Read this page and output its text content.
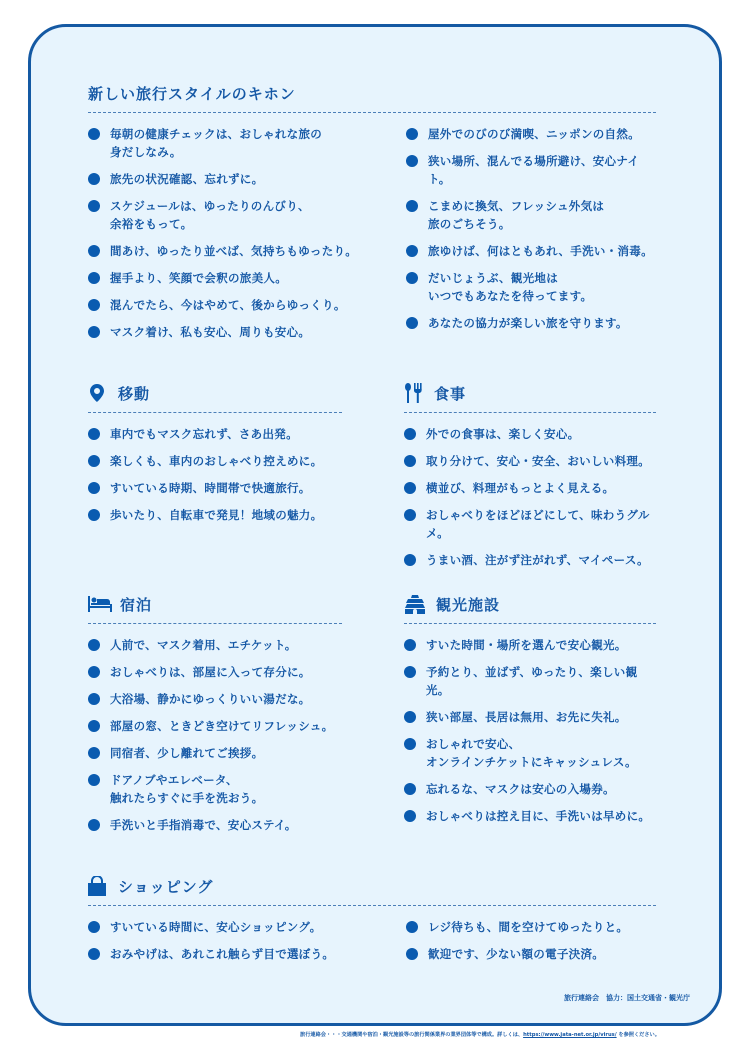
新しい旅行スタイルのキホン
毎朝の健康チェックは、おしゃれな旅の
身だしなみ。
旅先の状況確認、忘れずに。
スケジュールは、ゆったりのんびり、
余裕をもって。
間あけ、ゆったり並べば、気持ちもゆったり。
握手より、笑顔で会釈の旅美人。
混んでたら、今はやめて、後からゆっくり。
マスク着け、私も安心、周りも安心。
屋外でのびのび満喫、ニッポンの自然。
狭い場所、混んでる場所避け、安心ナイト。
こまめに換気、フレッシュ外気は
旅のごちそう。
旅ゆけば、何はともあれ、手洗い・消毒。
だいじょうぶ、観光地は
いつでもあなたを待ってます。
あなたの協力が楽しい旅を守ります。
移動
車内でもマスク忘れず、さあ出発。
楽しくも、車内のおしゃべり控えめに。
すいている時期、時間帯で快適旅行。
歩いたり、自転車で発見！地域の魅力。
食事
外での食事は、楽しく安心。
取り分けて、安心・安全、おいしい料理。
横並び、料理がもっとよく見える。
おしゃべりをほどほどにして、味わうグルメ。
うまい酒、注がず注がれず、マイペース。
宿泊
人前で、マスク着用、エチケット。
おしゃべりは、部屋に入って存分に。
大浴場、静かにゆっくりいい湯だな。
部屋の窓、ときどき空けてリフレッシュ。
同宿者、少し離れてご挨拶。
ドアノブやエレベータ、
触れたらすぐに手を洗おう。
手洗いと手指消毒で、安心ステイ。
観光施設
すいた時間・場所を選んで安心観光。
予約とり、並ばず、ゆったり、楽しい観光。
狭い部屋、長居は無用、お先に失礼。
おしゃれで安心、
オンラインチケットにキャッシュレス。
忘れるな、マスクは安心の入場券。
おしゃべりは控え目に、手洗いは早めに。
ショッピング
すいている時間に、安心ショッピング。
おみやげは、あれこれ触らず目で選ぼう。
レジ待ちも、間を空けてゆったりと。
歓迎です、少ない額の電子決済。
旅行連絡会　協力：国土交通省・観光庁
旅行連絡会・・・交通機関や宿泊・観光施設等の旅行関係業界の業界団体等で構成。詳しくは、https://www.jata-net.or.jp/virus/ を参照ください。
